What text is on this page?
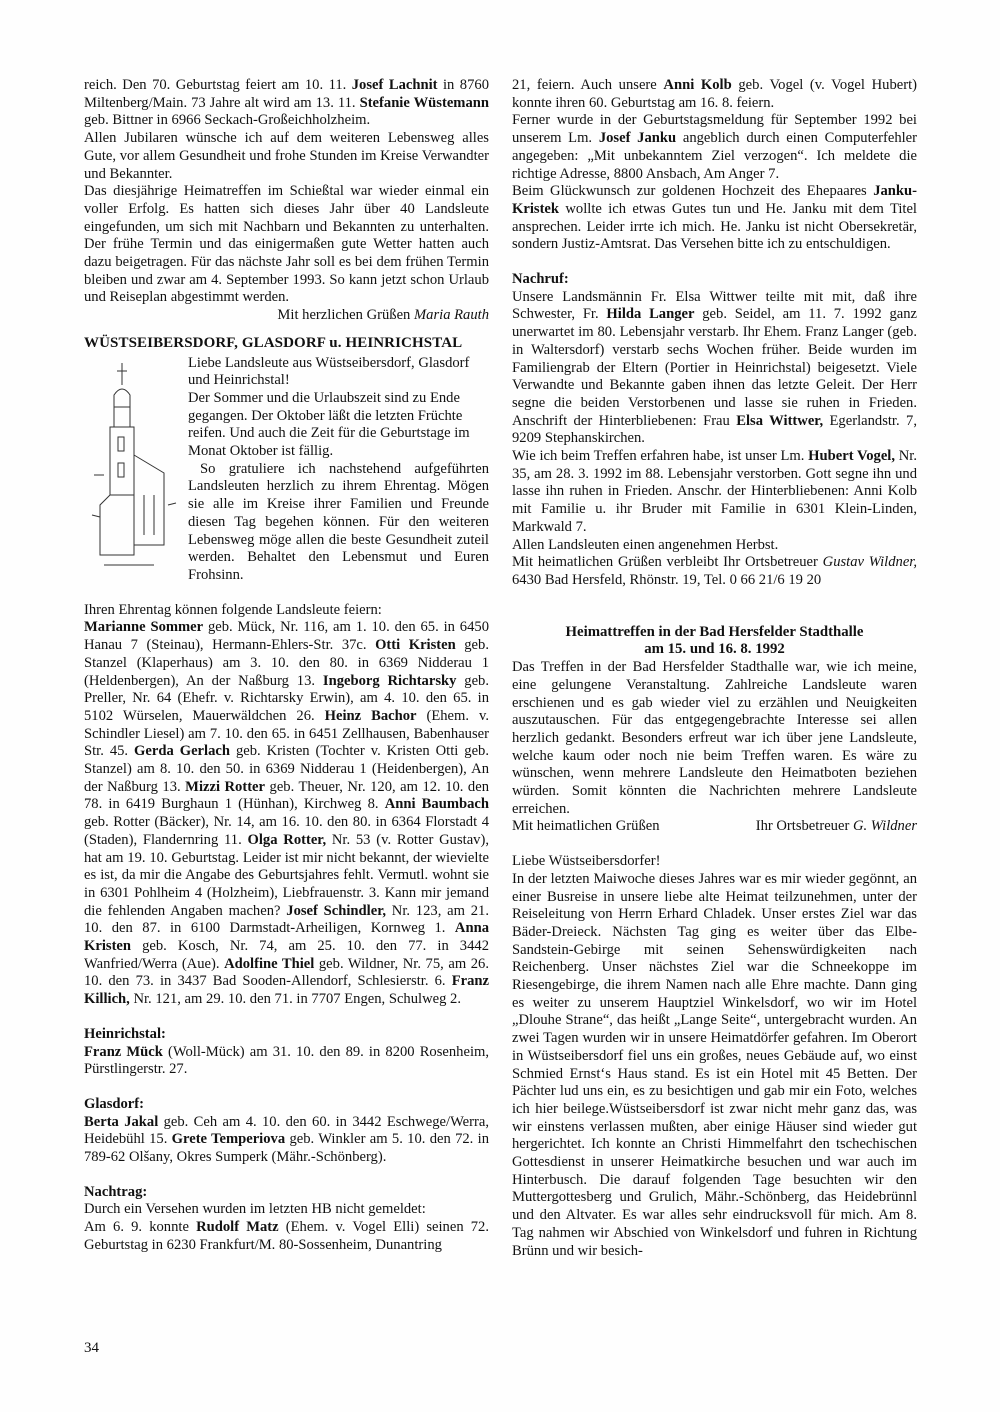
reich. Den 70. Geburtstag feiert am 10. 11. Josef Lachnit in 8760 Miltenberg/Main. 73 Jahre alt wird am 13. 11. Stefanie Wüstemann geb. Bittner in 6966 Seckach-Großeichholzheim.

Allen Jubilaren wünsche ich auf dem weiteren Lebensweg alles Gute, vor allem Gesundheit und frohe Stunden im Kreise Verwandter und Bekannter.

Das diesjährige Heimatreffen im Schießtal war wieder einmal ein voller Erfolg. Es hatten sich dieses Jahr über 40 Landsleute eingefunden, um sich mit Nachbarn und Bekannten zu unterhalten. Der frühe Termin und das einigermaßen gute Wetter hatten auch dazu beigetragen. Für das nächste Jahr soll es bei dem frühen Termin bleiben und zwar am 4. September 1993. So kann jetzt schon Urlaub und Reiseplan abgestimmt werden.

Mit herzlichen Grüßen Maria Rauth

WÜSTSEIBERSDORF, GLASDORF u. HEINRICHSTAL

Liebe Landsleute aus Wüstseibersdorf, Glasdorf und Heinrichstal!

Der Sommer und die Urlaubszeit sind zu Ende gegangen. Der Oktober läßt die letzten Früchte reifen. Und auch die Zeit für die Geburtstage im Monat Oktober ist fällig.

So gratuliere ich nachstehend aufgeführten Landsleuten herzlich zu ihrem Ehrentag. Mögen sie alle im Kreise ihrer Familien und Freunde diesen Tag begehen können. Für den weiteren Lebensweg möge allen die beste Gesundheit zuteil werden. Behaltet den Lebensmut und Euren Frohsinn.

Ihren Ehrentag können folgende Landsleute feiern:

Marianne Sommer geb. Mück, Nr. 116, am 1. 10. den 65. in 6450 Hanau 7 (Steinau), Hermann-Ehlers-Str. 37c. Otti Kristen geb. Stanzel (Klaperhaus) am 3. 10. den 80. in 6369 Nidderau 1 (Heldenbergen), An der Naßburg 13. Ingeborg Richtarsky geb. Preller, Nr. 64 (Ehefr. v. Richtarsky Erwin), am 4. 10. den 65. in 5102 Würselen, Mauerwäldchen 26. Heinz Bachor (Ehem. v. Schindler Liesel) am 7. 10. den 65. in 6451 Zellhausen, Babenhauser Str. 45. Gerda Gerlach geb. Kristen (Tochter v. Kristen Otti geb. Stanzel) am 8. 10. den 50. in 6369 Nidderau 1 (Heidenbergen), An der Naßburg 13. Mizzi Rotter geb. Theuer, Nr. 120, am 12. 10. den 78. in 6419 Burghaun 1 (Hünhan), Kirchweg 8. Anni Baumbach geb. Rotter (Bäcker), Nr. 14, am 16. 10. den 80. in 6364 Florstadt 4 (Staden), Flandernring 11. Olga Rotter, Nr. 53 (v. Rotter Gustav), hat am 19. 10. Geburtstag. Leider ist mir nicht bekannt, der wievielte es ist, da mir die Angabe des Geburtsjahres fehlt. Vermutl. wohnt sie in 6301 Pohlheim 4 (Holzheim), Liebfrauenstr. 3. Kann mir jemand die fehlenden Angaben machen? Josef Schindler, Nr. 123, am 21. 10. den 87. in 6100 Darmstadt-Arheiligen, Kornweg 1. Anna Kristen geb. Kosch, Nr. 74, am 25. 10. den 77. in 3442 Wanfried/Werra (Aue). Adolfine Thiel geb. Wildner, Nr. 75, am 26. 10. den 73. in 3437 Bad Sooden-Allendorf, Schlesierstr. 6. Franz Killich, Nr. 121, am 29. 10. den 71. in 7707 Engen, Schulweg 2.

Heinrichstal:

Franz Mück (Woll-Mück) am 31. 10. den 89. in 8200 Rosenheim, Pürstlingerstr. 27.

Glasdorf:

Berta Jakal geb. Ceh am 4. 10. den 60. in 3442 Eschwege/Werra, Heidebühl 15. Grete Temperiova geb. Winkler am 5. 10. den 72. in 789-62 Olšany, Okres Sumperk (Mähr.-Schönberg).

Nachtrag:

Durch ein Versehen wurden im letzten HB nicht gemeldet:

Am 6. 9. konnte Rudolf Matz (Ehem. v. Vogel Elli) seinen 72. Geburtstag in 6230 Frankfurt/M. 80-Sossenheim, Dunantring

21, feiern. Auch unsere Anni Kolb geb. Vogel (v. Vogel Hubert) konnte ihren 60. Geburtstag am 16. 8. feiern.

Ferner wurde in der Geburtstagsmeldung für September 1992 bei unserem Lm. Josef Janku angeblich durch einen Computerfehler angegeben: „Mit unbekanntem Ziel verzogen“. Ich meldete die richtige Adresse, 8800 Ansbach, Am Anger 7.

Beim Glückwunsch zur goldenen Hochzeit des Ehepaares Janku-Kristek wollte ich etwas Gutes tun und He. Janku mit dem Titel ansprechen. Leider irrte ich mich. He. Janku ist nicht Obersekretär, sondern Justiz-Amtsrat. Das Versehen bitte ich zu entschuldigen.

Nachruf:

Unsere Landsmännin Fr. Elsa Wittwer teilte mit mit, daß ihre Schwester, Fr. Hilda Langer geb. Seidel, am 11. 7. 1992 ganz unerwartet im 80. Lebensjahr verstarb. Ihr Ehem. Franz Langer (geb. in Waltersdorf) verstarb sechs Wochen früher. Beide wurden im Familiengrab der Eltern (Portier in Heinrichstal) beigesetzt. Viele Verwandte und Bekannte gaben ihnen das letzte Geleit. Der Herr segne die beiden Verstorbenen und lasse sie ruhen in Frieden. Anschrift der Hinterbliebenen: Frau Elsa Wittwer, Egerlandstr. 7, 9209 Stephanskirchen.

Wie ich beim Treffen erfahren habe, ist unser Lm. Hubert Vogel, Nr. 35, am 28. 3. 1992 im 88. Lebensjahr verstorben. Gott segne ihn und lasse ihn ruhen in Frieden. Anschr. der Hinterbliebenen: Anni Kolb mit Familie u. ihr Bruder mit Familie in 6301 Klein-Linden, Markwald 7.

Allen Landsleuten einen angenehmen Herbst.

Mit heimatlichen Grüßen verbleibt Ihr Ortsbetreuer Gustav Wildner, 6430 Bad Hersfeld, Rhönstr. 19, Tel. 0 66 21/6 19 20

Heimattreffen in der Bad Hersfelder Stadthalle

am 15. und 16. 8. 1992

Das Treffen in der Bad Hersfelder Stadthalle war, wie ich meine, eine gelungene Veranstaltung. Zahlreiche Landsleute waren erschienen und es gab wieder viel zu erzählen und Neuigkeiten auszutauschen. Für das entgegengebrachte Interesse sei allen herzlich gedankt. Besonders erfreut war ich über jene Landsleute, welche kaum oder noch nie beim Treffen waren. Es wäre zu wünschen, wenn mehrere Landsleute den Heimatboten beziehen würden. Somit könnten die Nachrichten mehrere Landsleute erreichen.

Mit heimatlichen Grüßen	Ihr Ortsbetreuer G. Wildner

Liebe Wüstseibersdorfer!

In der letzten Maiwoche dieses Jahres war es mir wieder gegönnt, an einer Busreise in unsere liebe alte Heimat teilzunehmen, unter der Reiseleitung von Herrn Erhard Chladek. Unser erstes Ziel war das Bäder-Dreieck. Nächsten Tag ging es weiter über das Elbe-Sandstein-Gebirge mit seinen Sehenswürdigkeiten nach Reichenberg. Unser nächstes Ziel war die Schneekoppe im Riesengebirge, die ihrem Namen nach alle Ehre machte. Dann ging es weiter zu unserem Hauptziel Winkelsdorf, wo wir im Hotel „Dlouhe Strane“, das heißt „Lange Seite“, untergebracht wurden. An zwei Tagen wurden wir in unsere Heimatdörfer gefahren. Im Oberort in Wüstseibersdorf fiel uns ein großes, neues Gebäude auf, wo einst Schmied Ernst‘s Haus stand. Es ist ein Hotel mit 45 Betten. Der Pächter lud uns ein, es zu besichtigen und gab mir ein Foto, welches ich hier beilege.Wüstseibersdorf ist zwar nicht mehr ganz das, was wir einstens verlassen mußten, aber einige Häuser sind wieder gut hergerichtet. Ich konnte an Christi Himmelfahrt den tschechischen Gottesdienst in unserer Heimatkirche besuchen und war auch im Hinterbusch. Die darauf folgenden Tage besuchten wir den Muttergottesberg und Grulich, Mähr.-Schönberg, das Heidebrünnl und den Altvater. Es war alles sehr eindrucksvoll für mich. Am 8. Tag nahmen wir Abschied von Winkelsdorf und fuhren in Richtung Brünn und wir besich-

34
